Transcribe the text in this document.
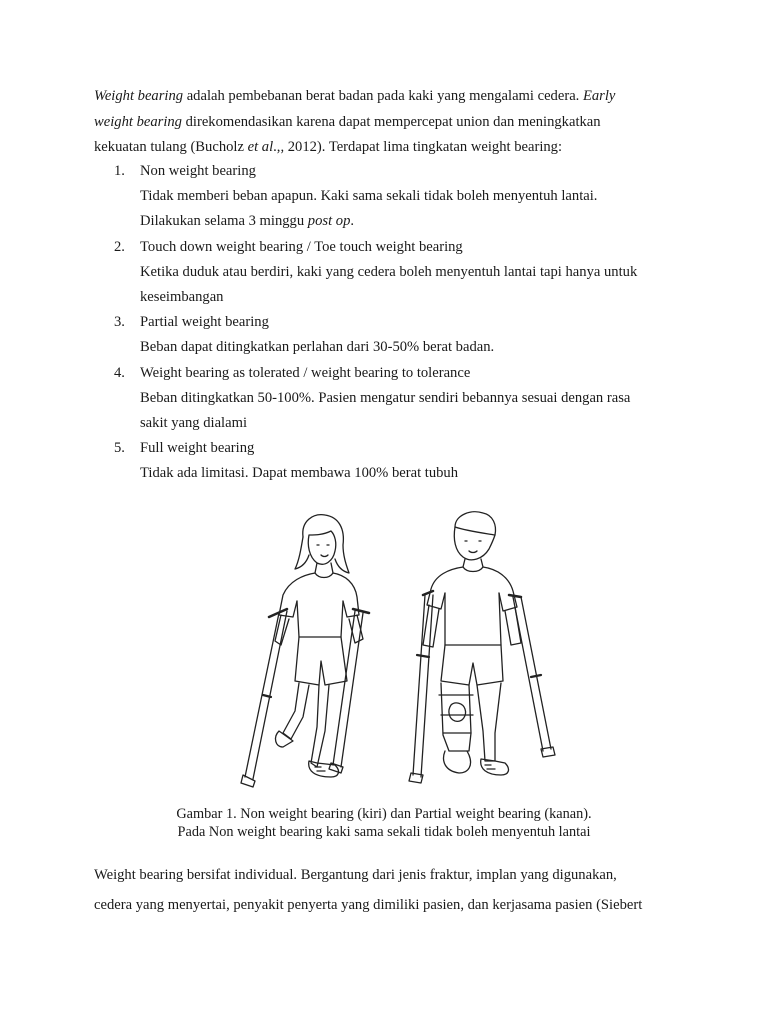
Weight bearing adalah pembebanan berat badan pada kaki yang mengalami cedera. Early
weight bearing direkomendasikan karena dapat mempercepat union dan meningkatkan
kekuatan tulang (Bucholz et al.,, 2012). Terdapat lima tingkatan weight bearing:
1. Non weight bearing
Tidak memberi beban apapun. Kaki sama sekali tidak boleh menyentuh lantai.
Dilakukan selama 3 minggu post op.
2. Touch down weight bearing / Toe touch weight bearing
Ketika duduk atau berdiri, kaki yang cedera boleh menyentuh lantai tapi hanya untuk
keseimbangan
3. Partial weight bearing
Beban dapat ditingkatkan perlahan dari 30-50% berat badan.
4. Weight bearing as tolerated / weight bearing to tolerance
Beban ditingkatkan 50-100%. Pasien mengatur sendiri bebannya sesuai dengan rasa
sakit yang dialami
5. Full weight bearing
Tidak ada limitasi. Dapat membawa 100% berat tubuh
Gambar 1. Non weight bearing (kiri) dan Partial weight bearing (kanan).
Pada Non weight bearing kaki sama sekali tidak boleh menyentuh lantai
Weight bearing bersifat individual. Bergantung dari jenis fraktur, implan yang digunakan,
cedera yang menyertai, penyakit penyerta yang dimiliki pasien, dan kerjasama pasien (Siebert
